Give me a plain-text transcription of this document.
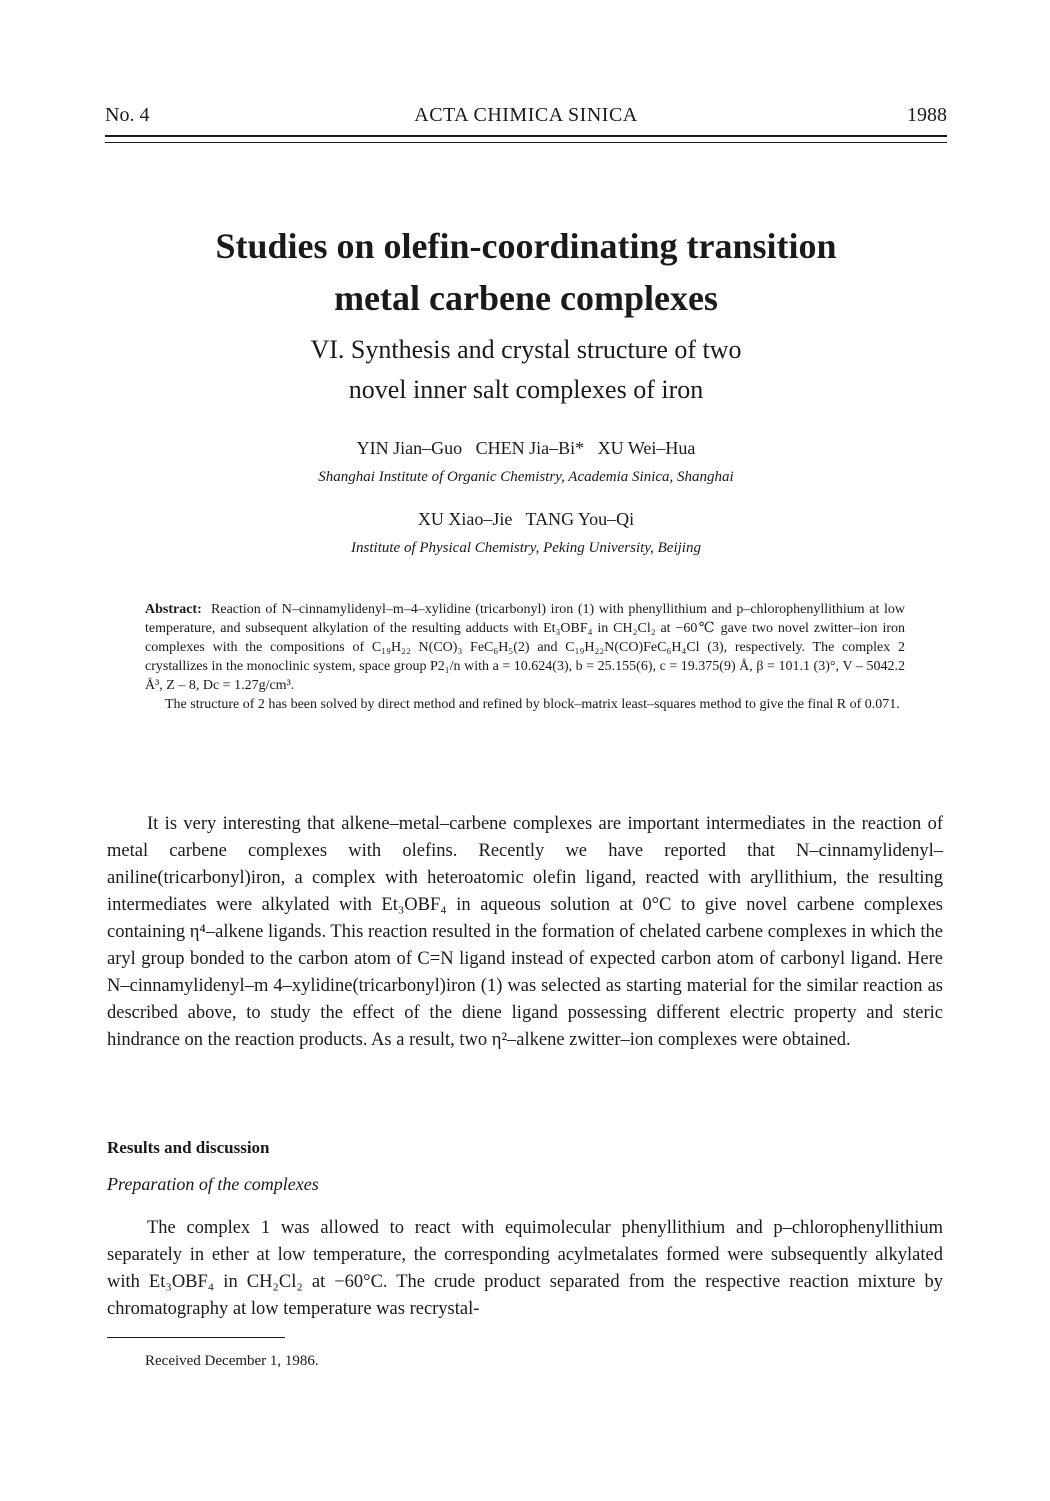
No. 4	ACTA CHIMICA SINICA	1988
Studies on olefin-coordinating transition
metal carbene complexes
VI. Synthesis and crystal structure of two
novel inner salt complexes of iron
YIN Jian–Guo   CHEN Jia–Bi*   XU Wei–Hua
Shanghai Institute of Organic Chemistry, Academia Sinica, Shanghai
XU Xiao–Jie   TANG You–Qi
Institute of Physical Chemistry, Peking University, Beijing

Abstract: Reaction of N–cinnamylidenyl–m–4–xylidine (tricarbonyl) iron (1) with phenyllithium and p–chlorophenyllithium at low temperature, and subsequent alkylation of the resulting adducts with Et₃OBF₄ in CH₂Cl₂ at −60℃ gave two novel zwitter–ion iron complexes with the compositions of C₁₉H₂₂ N(CO)₃ FeC₆H₅(2) and C₁₉H₂₂N(CO)FeC₆H₄Cl (3), respectively. The complex 2 crystallizes in the monoclinic system, space group P2₁/n with a = 10.624(3), b = 25.155(6), c = 19.375(9) Å, β = 101.1 (3)°, V – 5042.2 Å³, Z – 8, Dc = 1.27g/cm³.

The structure of 2 has been solved by direct method and refined by block–matrix least–squares method to give the final R of 0.071.

It is very interesting that alkene–metal–carbene complexes are important intermediates in the reaction of metal carbene complexes with olefins. Recently we have reported that N–cinnamylidenyl–aniline(tricarbonyl)iron, a complex with heteroatomic olefin ligand, reacted with aryllithium, the resulting intermediates were alkylated with Et₃OBF₄ in aqueous solution at 0°C to give novel carbene complexes containing η⁴–alkene ligands. This reaction resulted in the formation of chelated carbene complexes in which the aryl group bonded to the carbon atom of C=N ligand instead of expected carbon atom of carbonyl ligand. Here N–cinnamylidenyl–m 4–xylidine(tricarbonyl)iron (1) was selected as starting material for the similar reaction as described above, to study the effect of the diene ligand possessing different electric property and steric hindrance on the reaction products. As a result, two η²–alkene zwitter–ion complexes were obtained.

Results and discussion
Preparation of the complexes

The complex 1 was allowed to react with equimolecular phenyllithium and p–chlorophenyllithium separately in ether at low temperature, the corresponding acylmetalates formed were subsequently alkylated with Et₃OBF₄ in CH₂Cl₂ at −60°C. The crude product separated from the respective reaction mixture by chromatography at low temperature was recrystal-

Received December 1, 1986.
